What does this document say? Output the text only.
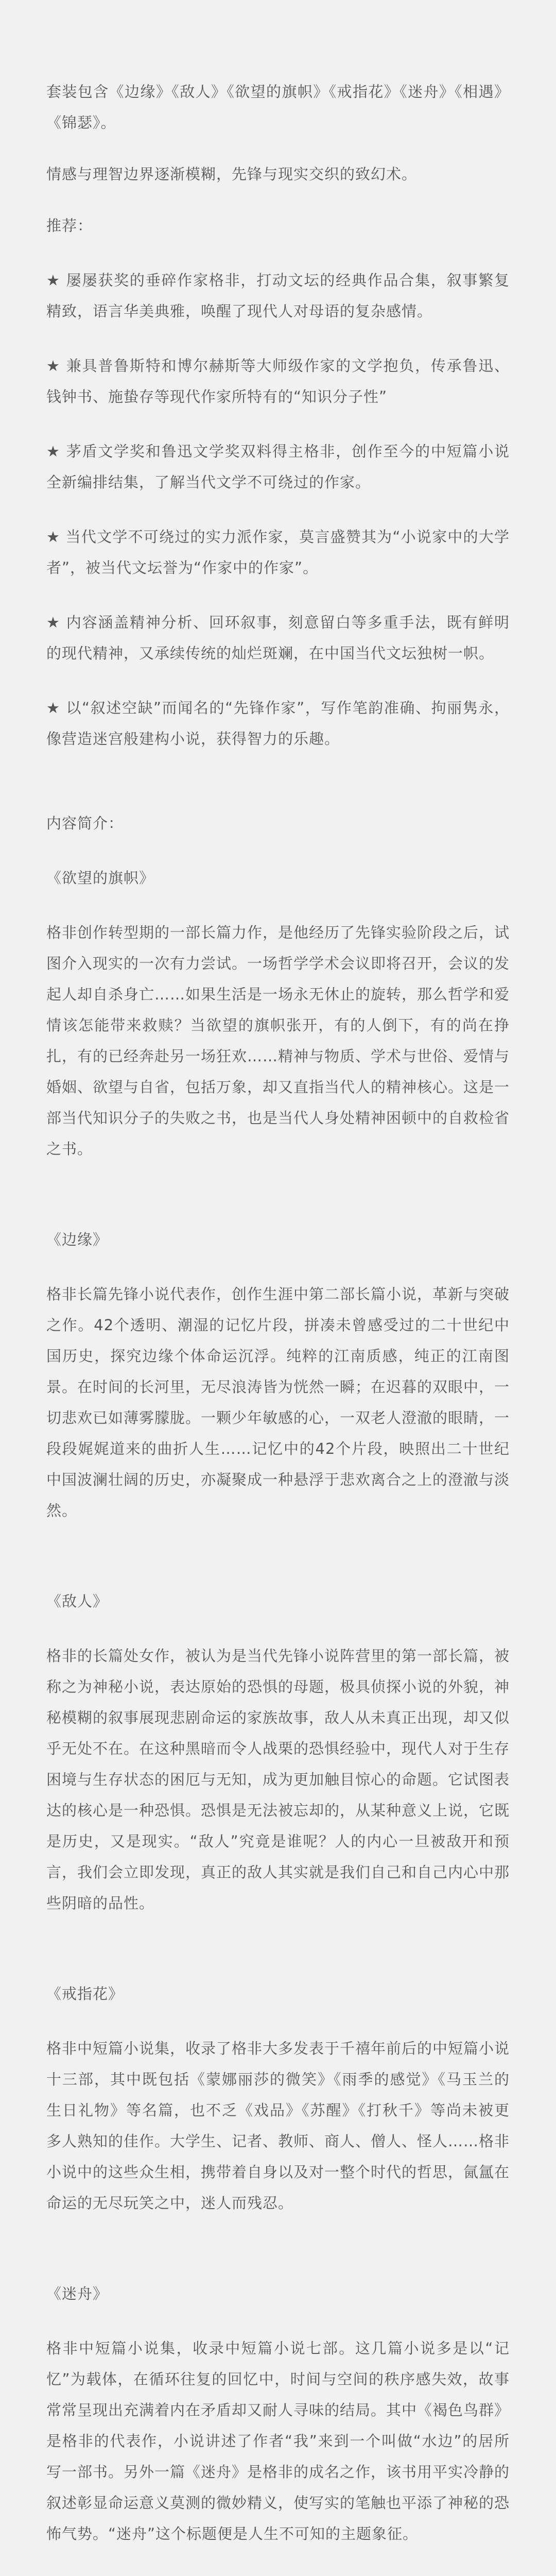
套装包含《边缘》《敌人》《欲望的旗帜》《戒指花》《迷舟》《相遇》《锦瑟》。

情感与理智边界逐渐模糊，先锋与现实交织的致幻术。

推荐：

★ 屡屡获奖的垂碎作家格非，打动文坛的经典作品合集，叙事繁复精致，语言华美典雅，唤醒了现代人对母语的复杂感情。

★ 兼具普鲁斯特和博尔赫斯等大师级作家的文学抱负，传承鲁迅、钱钟书、施蛰存等现代作家所特有的“知识分子性”

★ 茅盾文学奖和鲁迅文学奖双料得主格非，创作至今的中短篇小说全新编排结集，了解当代文学不可绕过的作家。

★ 当代文学不可绕过的实力派作家，莫言盛赞其为“小说家中的大学者”，被当代文坛誉为“作家中的作家”。

★ 内容涵盖精神分析、回环叙事，刻意留白等多重手法，既有鲜明的现代精神，又承续传统的灿烂斑斓，在中国当代文坛独树一帜。

★ 以“叙述空缺”而闻名的“先锋作家”，写作笔韵准确、拘丽隽永，像营造迷宫般建构小说，获得智力的乐趣。

内容简介：

《欲望的旗帜》

格非创作转型期的一部长篇力作，是他经历了先锋实验阶段之后，试图介入现实的一次有力尝试。一场哲学学术会议即将召开，会议的发起人却自杀身亡……如果生活是一场永无休止的旋转，那么哲学和爱情该怎能带来救赎？当欲望的旗帜张开，有的人倒下，有的尚在挣扎，有的已经奔赴另一场狂欢……精神与物质、学术与世俗、爱情与婚姻、欲望与自省，包括万象，却又直指当代人的精神核心。这是一部当代知识分子的失败之书，也是当代人身处精神困顿中的自救检省之书。

《边缘》

格非长篇先锋小说代表作，创作生涯中第二部长篇小说，革新与突破之作。42个透明、潮湿的记忆片段，拼凑未曾感受过的二十世纪中国历史，探究边缘个体命运沉浮。纯粹的江南质感，纯正的江南图景。在时间的长河里，无尽浪涛皆为恍然一瞬；在迟暮的双眼中，一切悲欢已如薄雾朦胧。一颗少年敏感的心，一双老人澄澈的眼睛，一段段娓娓道来的曲折人生……记忆中的42个片段，映照出二十世纪中国波澜壮阔的历史，亦凝聚成一种悬浮于悲欢离合之上的澄澈与淡然。

《敌人》

格非的长篇处女作，被认为是当代先锋小说阵营里的第一部长篇，被称之为神秘小说，表达原始的恐惧的母题，极具侦探小说的外貌，神秘模糊的叙事展现悲剧命运的家族故事，敌人从未真正出现，却又似乎无处不在。在这种黑暗而令人战栗的恐惧经验中，现代人对于生存困境与生存状态的困厄与无知，成为更加触目惊心的命题。它试图表达的核心是一种恐惧。恐惧是无法被忘却的，从某种意义上说，它既是历史，又是现实。“敌人”究竟是谁呢？人的内心一旦被敌开和预言，我们会立即发现，真正的敌人其实就是我们自己和自己内心中那些阴暗的品性。

《戒指花》

格非中短篇小说集，收录了格非大多发表于千禧年前后的中短篇小说十三部，其中既包括《蒙娜丽莎的微笑》《雨季的感觉》《马玉兰的生日礼物》等名篇，也不乏《戏品》《苏醒》《打秋千》等尚未被更多人熟知的佳作。大学生、记者、教师、商人、僧人、怪人……格非小说中的这些众生相，携带着自身以及对一整个时代的哲思，氤氲在命运的无尽玩笑之中，迷人而残忍。

《迷舟》

格非中短篇小说集，收录中短篇小说七部。这几篇小说多是以“记忆”为载体，在循环往复的回忆中，时间与空间的秩序感失效，故事常常呈现出充满着内在矛盾却又耐人寻味的结局。其中《褐色鸟群》是格非的代表作，小说讲述了作者“我”来到一个叫做“水边”的居所写一部书。另外一篇《迷舟》是格非的成名之作，该书用平实冷静的叙述彰显命运意义莫测的微妙精义，使写实的笔触也平添了神秘的恐怖气势。“迷舟”这个标题便是人生不可知的主题象征。
